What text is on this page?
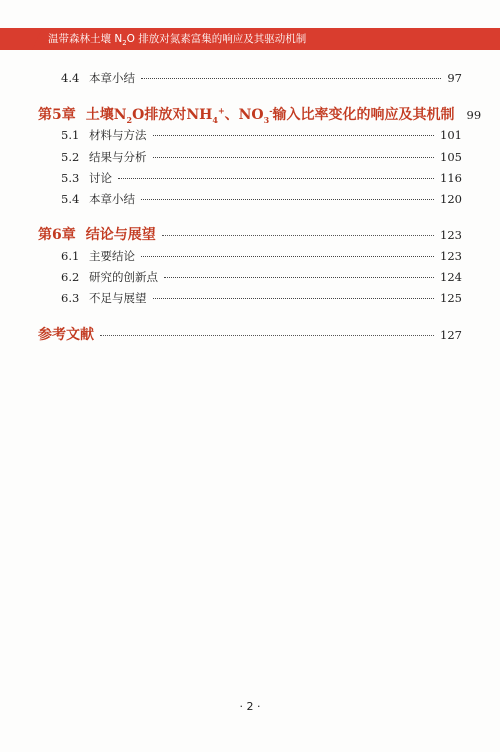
温带森林土壤 $N_2O$ 排放对氮素富集的响应及其驱动机制
4.4 本章小结	97
第5章 土壤$N_2O$排放对$NH_4^+$、$NO_3^-$输入比率变化的响应及其机制 99
5.1 材料与方法	101
5.2 结果与分析	105
5.3 讨论	116
5.4 本章小结	120
第6章 结论与展望	123
6.1 主要结论	123
6.2 研究的创新点	124
6.3 不足与展望	125
参考文献	127
· 2 ·
